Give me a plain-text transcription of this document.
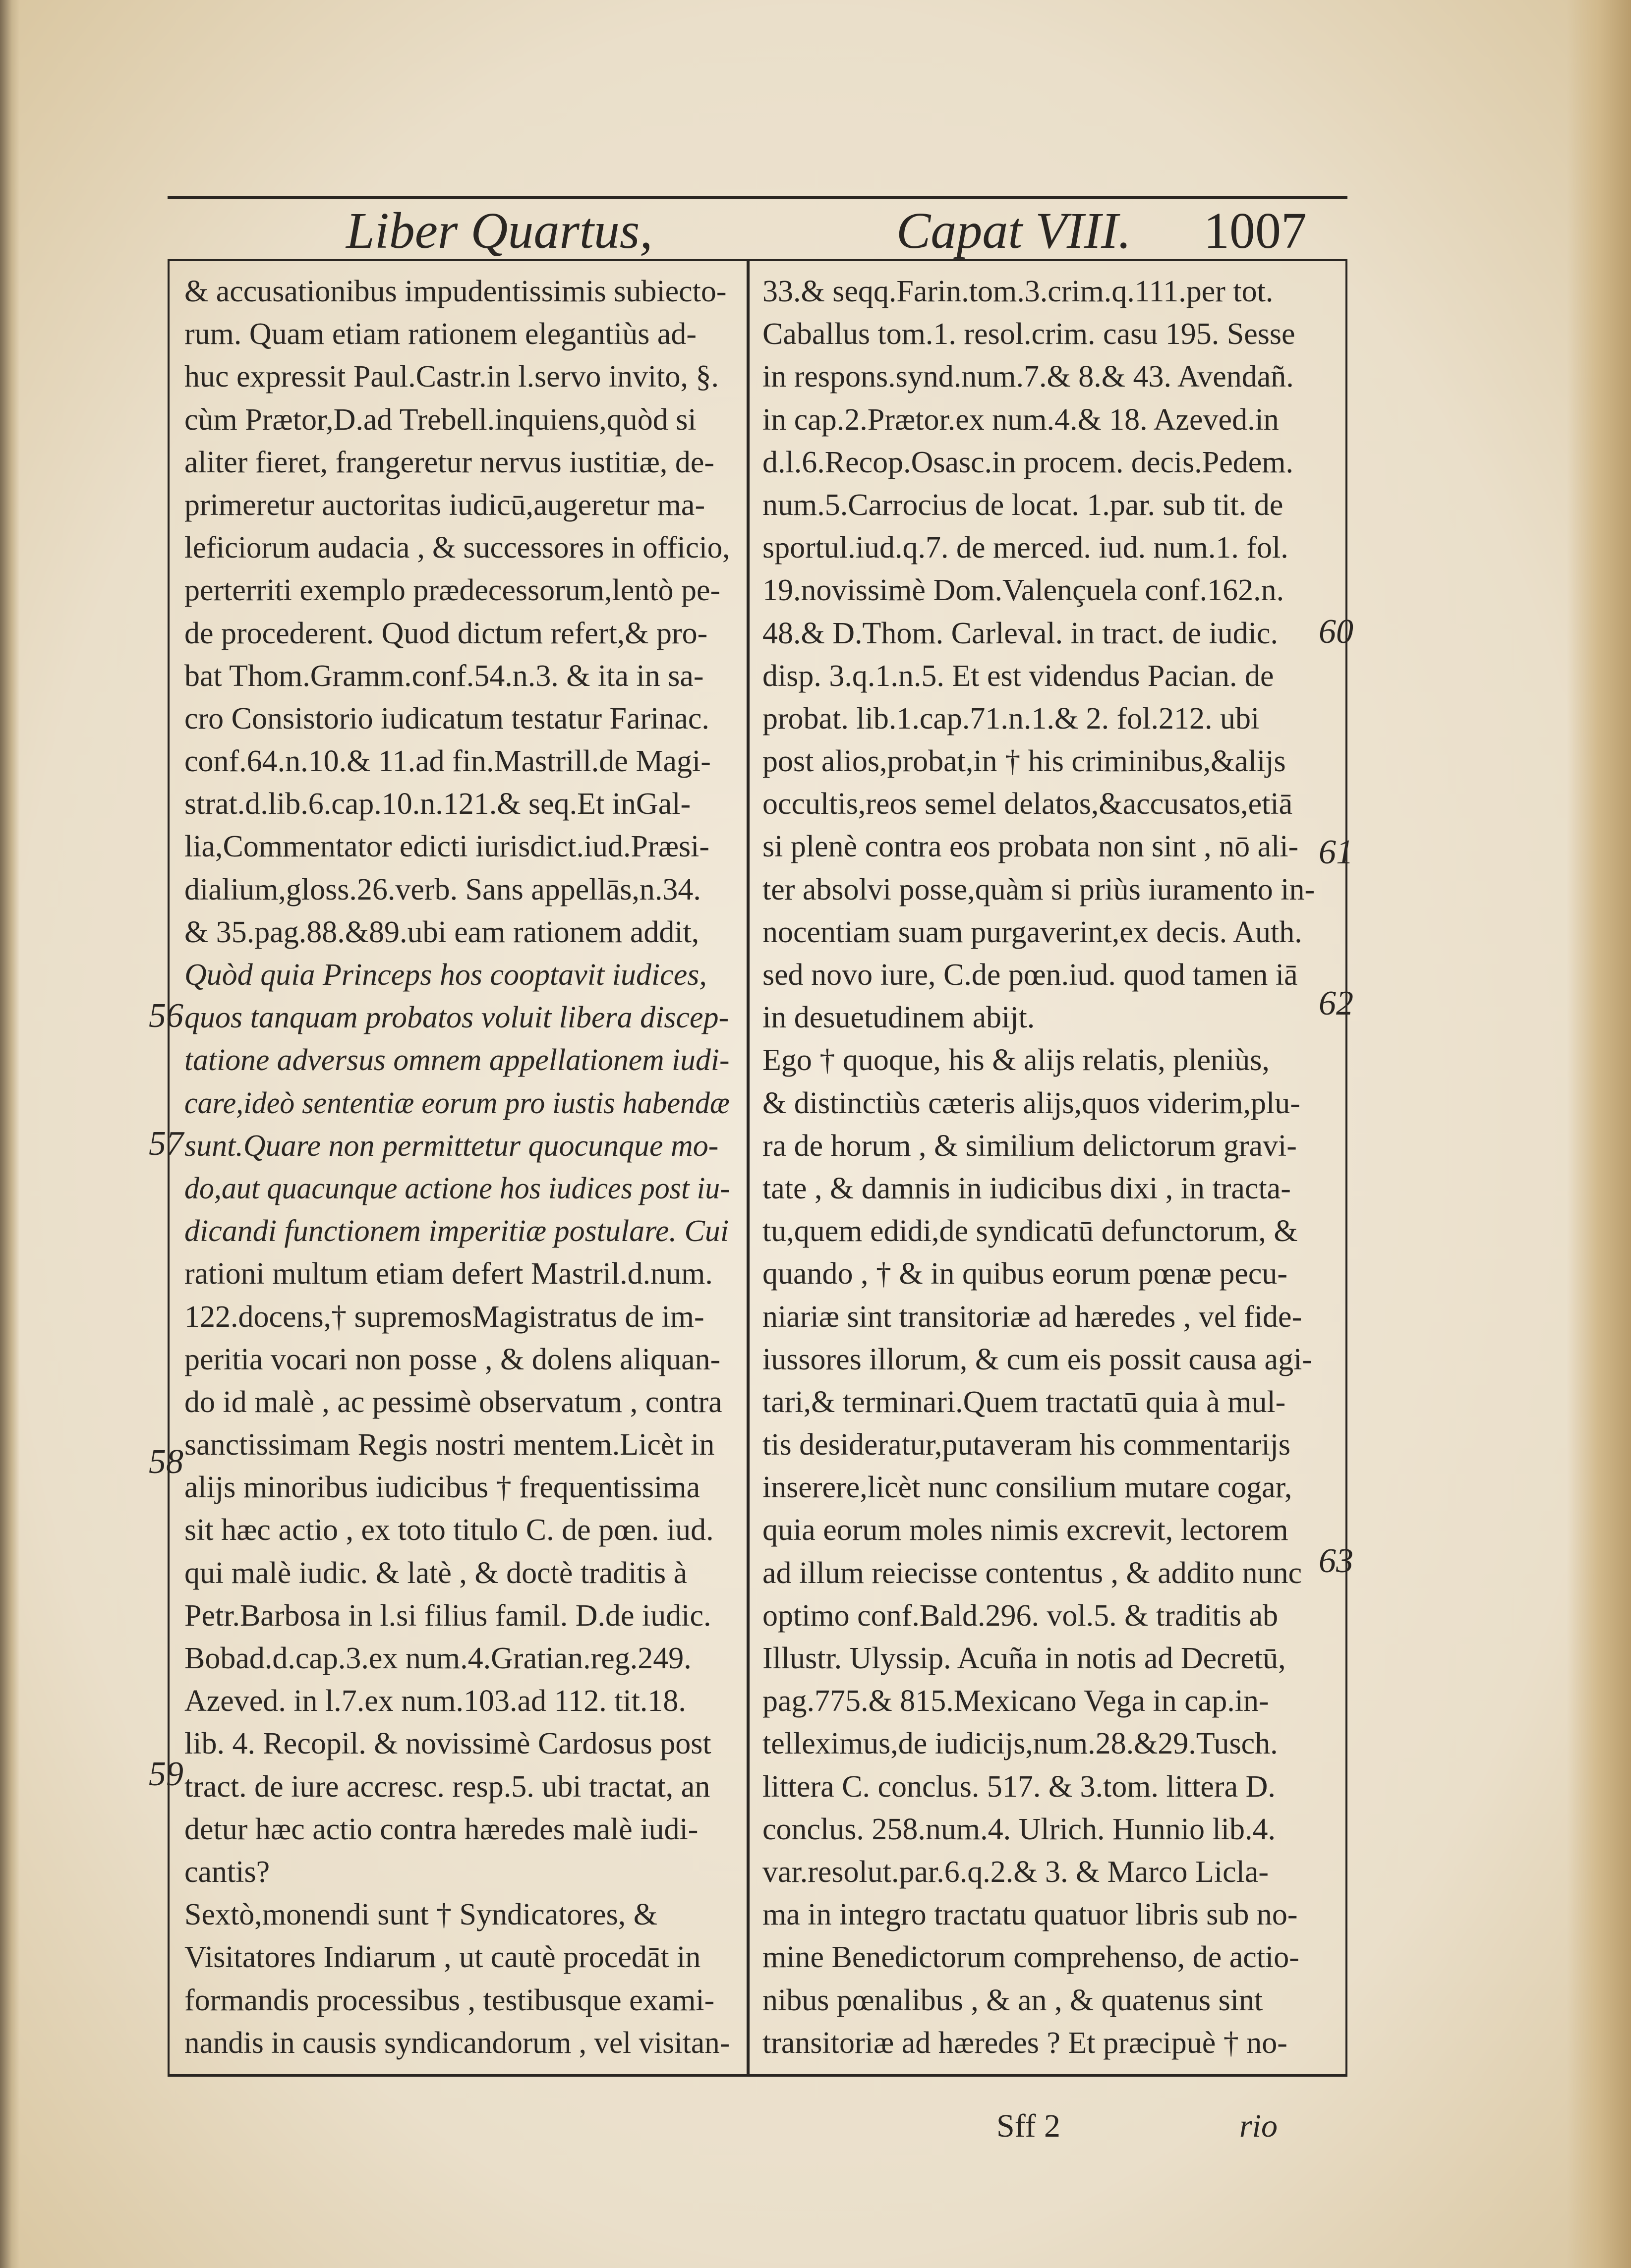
Liber Quartus,	Capat VIII. 1007
& accusationibus impudentissimis subiecto-
rum. Quam etiam rationem elegantiùs ad-
huc expressit Paul.Castr.in l.servo invito, §.
cùm Prætor,D.ad Trebell.inquiens,quòd si
aliter fieret, frangeretur nervus iustitiæ, de-
primeretur auctoritas iudicū,augeretur ma-
leficiorum audacia , & successores in officio,
perterriti exemplo prædecessorum,lentò pe-
de procederent. Quod dictum refert,& pro-
bat Thom.Gramm.conf.54.n.3. & ita in sa-
cro Consistorio iudicatum testatur Farinac.
conf.64.n.10.& 11.ad fin.Mastrill.de Magi-
strat.d.lib.6.cap.10.n.121.& seq.Et inGal-
lia,Commentator edicti iurisdict.iud.Præsi-
dialium,gloss.26.verb. Sans appellās,n.34.
& 35.pag.88.&89.ubi eam rationem addit,
Quòd quia Princeps hos cooptavit iudices,
quos tanquam probatos voluit libera discep-
tatione adversus omnem appellationem iudi-
care,ideò sententiæ eorum pro iustis habendæ
sunt.Quare non permittetur quocunque mo-
do,aut quacunque actione hos iudices post iu-
dicandi functionem imperitiæ postulare. Cui
rationi multum etiam defert Mastril.d.num.
122.docens,† supremosMagistratus de im-
peritia vocari non posse , & dolens aliquan-
do id malè , ac pessimè observatum , contra
sanctissimam Regis nostri mentem.Licèt in
alijs minoribus iudicibus † frequentissima
sit hæc actio , ex toto titulo C. de pœn. iud.
qui malè iudic. & latè , & doctè traditis à
Petr.Barbosa in l.si filius famil. D.de iudic.
Bobad.d.cap.3.ex num.4.Gratian.reg.249.
Azeved. in l.7.ex num.103.ad 112. tit.18.
lib. 4. Recopil. & novissimè Cardosus post
tract. de iure accresc. resp.5. ubi tractat, an
detur hæc actio contra hæredes malè iudi-
cantis?
Sextò,monendi sunt † Syndicatores, &
Visitatores Indiarum , ut cautè procedāt in
formandis processibus , testibusque exami-
nandis in causis syndicandorum , vel visitan-
33.& seqq.Farin.tom.3.crim.q.111.per tot.
Caballus tom.1. resol.crim. casu 195. Sesse
in respons.synd.num.7.& 8.& 43. Avendañ.
in cap.2.Prætor.ex num.4.& 18. Azeved.in
d.l.6.Recop.Osasc.in procem. decis.Pedem.
num.5.Carrocius de locat. 1.par. sub tit. de
sportul.iud.q.7. de merced. iud. num.1. fol.
19.novissimè Dom.Valençuela conf.162.n.
48.& D.Thom. Carleval. in tract. de iudic.
disp. 3.q.1.n.5. Et est videndus Pacian. de
probat. lib.1.cap.71.n.1.& 2. fol.212. ubi
post alios,probat,in † his criminibus,&alijs
occultis,reos semel delatos,&accusatos,etiā
si plenè contra eos probata non sint , nō ali-
ter absolvi posse,quàm si priùs iuramento in-
nocentiam suam purgaverint,ex decis. Auth.
sed novo iure, C.de pœn.iud. quod tamen iā
in desuetudinem abijt.
Ego † quoque, his & alijs relatis, pleniùs,
& distinctiùs cæteris alijs,quos viderim,plu-
ra de horum , & similium delictorum gravi-
tate , & damnis in iudicibus dixi , in tracta-
tu,quem edidi,de syndicatū defunctorum, &
quando , † & in quibus eorum pœnæ pecu-
niariæ sint transitoriæ ad hæredes , vel fide-
iussores illorum, & cum eis possit causa agi-
tari,& terminari.Quem tractatū quia à mul-
tis desideratur,putaveram his commentarijs
inserere,licèt nunc consilium mutare cogar,
quia eorum moles nimis excrevit, lectorem
ad illum reiecisse contentus , & addito nunc
optimo conf.Bald.296. vol.5. & traditis ab
Illustr. Ulyssip. Acuña in notis ad Decretū,
pag.775.& 815.Mexicano Vega in cap.in-
telleximus,de iudicijs,num.28.&29.Tusch.
littera C. conclus. 517. & 3.tom. littera D.
conclus. 258.num.4. Ulrich. Hunnio lib.4.
var.resolut.par.6.q.2.& 3. & Marco Licla-
ma in integro tractatu quatuor libris sub no-
mine Benedictorum comprehenso, de actio-
nibus pœnalibus , & an , & quatenus sint
transitoriæ ad hæredes ? Et præcipuè † no-
56
57
58
59
60
61
62
63
Sff 2	rio
